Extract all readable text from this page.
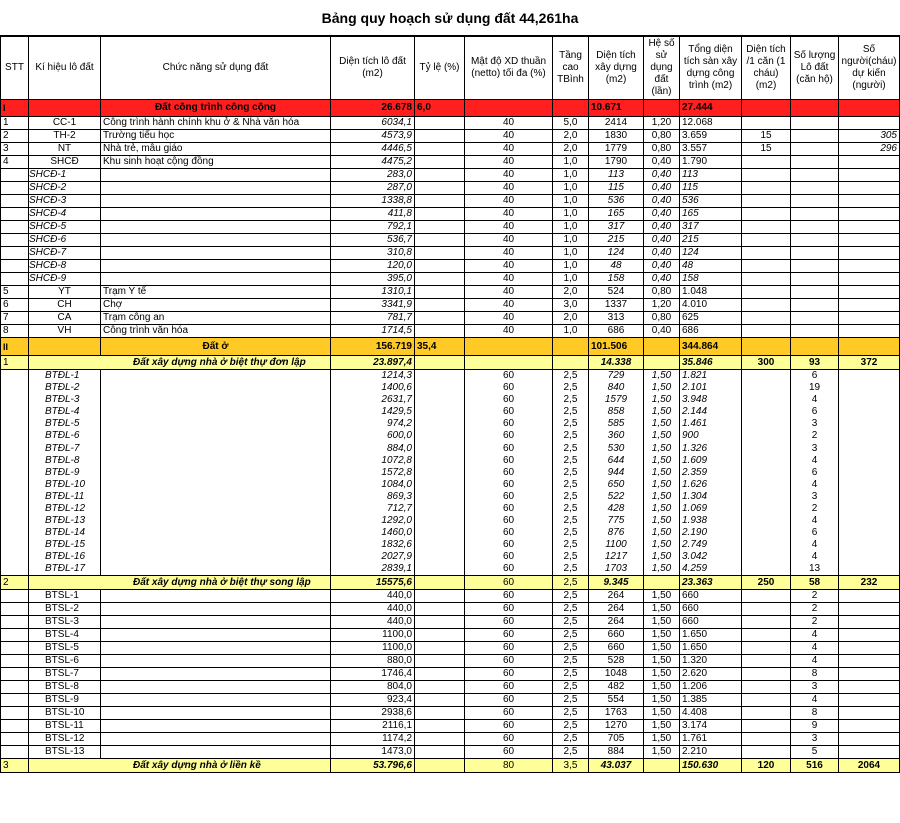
Bảng quy hoạch sử dụng đất 44,261ha
STT	Kí hiệu lô đất	Chức năng sử dụng đất	Diện tích lô đất (m2)	Tỷ lệ (%)	Mật độ XD thuần (netto) tối đa (%)	Tầng cao TBình	Diện tích xây dựng (m2)	Hệ số sử dụng đất (lần)	Tổng diện tích sàn xây dựng công trình (m2)	Diện tích /1 căn (1 cháu) (m2)	Số lượng Lô đất (căn hộ)	Số người(cháu) dự kiến (người)
I		Đất công trình công cộng	26.678	6,0			10.671		27.444			
1	CC-1	Công trình hành chính khu ở & Nhà văn hóa	6034,1		40	5,0	2414	1,20	12.068			
2	TH-2	Trường tiểu học	4573,9		40	2,0	1830	0,80	3.659	15		305
3	NT	Nhà trẻ, mẫu giáo	4446,5		40	2,0	1779	0,80	3.557	15		296
4	SHCĐ	Khu sinh hoạt cộng đồng	4475,2		40	1,0	1790	0,40	1.790			
SHCĐ-1			283,0		40	1,0	113	0,40	113			
SHCĐ-2			287,0		40	1,0	115	0,40	115			
SHCĐ-3			1338,8		40	1,0	536	0,40	536			
SHCĐ-4			411,8		40	1,0	165	0,40	165			
SHCĐ-5			792,1		40	1,0	317	0,40	317			
SHCĐ-6			536,7		40	1,0	215	0,40	215			
SHCĐ-7			310,8		40	1,0	124	0,40	124			
SHCĐ-8			120,0		40	1,0	48	0,40	48			
SHCĐ-9			395,0		40	1,0	158	0,40	158			
5	YT	Trạm Y tế	1310,1		40	2,0	524	0,80	1.048			
6	CH	Chợ	3341,9		40	3,0	1337	1,20	4.010			
7	CA	Trạm công an	781,7		40	2,0	313	0,80	625			
8	VH	Công trình văn hóa	1714,5		40	1,0	686	0,40	686			
II		Đất ở	156.719	35,4			101.506		344.864			
1	Đất xây dựng nhà ở biệt thự đơn lập		23.897,4				14.338		35.846	300	93	372
BTĐL-1			1214,3		60	2,5	729	1,50	1.821		6	
BTĐL-2			1400,6		60	2,5	840	1,50	2.101		19	
BTĐL-3			2631,7		60	2,5	1579	1,50	3.948		4	
BTĐL-4			1429,5		60	2,5	858	1,50	2.144		6	
BTĐL-5			974,2		60	2,5	585	1,50	1.461		3	
BTĐL-6			600,0		60	2,5	360	1,50	900		2	
BTĐL-7			884,0		60	2,5	530	1,50	1.326		3	
BTĐL-8			1072,8		60	2,5	644	1,50	1.609		4	
BTĐL-9			1572,8		60	2,5	944	1,50	2.359		6	
BTĐL-10			1084,0		60	2,5	650	1,50	1.626		4	
BTĐL-11			869,3		60	2,5	522	1,50	1.304		3	
BTĐL-12			712,7		60	2,5	428	1,50	1.069		2	
BTĐL-13			1292,0		60	2,5	775	1,50	1.938		4	
BTĐL-14			1460,0		60	2,5	876	1,50	2.190		6	
BTĐL-15			1832,6		60	2,5	1100	1,50	2.749		4	
BTĐL-16			2027,9		60	2,5	1217	1,50	3.042		4	
BTĐL-17			2839,1		60	2,5	1703	1,50	4.259		13	
2	Đất xây dựng nhà ở biệt thự song lập		15575,6		60	2,5	9.345		23.363	250	58	232
BTSL-1			440,0		60	2,5	264	1,50	660		2	
BTSL-2			440,0		60	2,5	264	1,50	660		2	
BTSL-3			440,0		60	2,5	264	1,50	660		2	
BTSL-4			1100,0		60	2,5	660	1,50	1.650		4	
BTSL-5			1100,0		60	2,5	660	1,50	1.650		4	
BTSL-6			880,0		60	2,5	528	1,50	1.320		4	
BTSL-7			1746,4		60	2,5	1048	1,50	2.620		8	
BTSL-8			804,0		60	2,5	482	1,50	1.206		3	
BTSL-9			923,4		60	2,5	554	1,50	1.385		4	
BTSL-10			2938,6		60	2,5	1763	1,50	4.408		8	
BTSL-11			2116,1		60	2,5	1270	1,50	3.174		9	
BTSL-12			1174,2		60	2,5	705	1,50	1.761		3	
BTSL-13			1473,0		60	2,5	884	1,50	2.210		5	
3	Đất xây dựng nhà ở liền kề		53.796,6		80	3,5	43.037		150.630	120	516	2064
